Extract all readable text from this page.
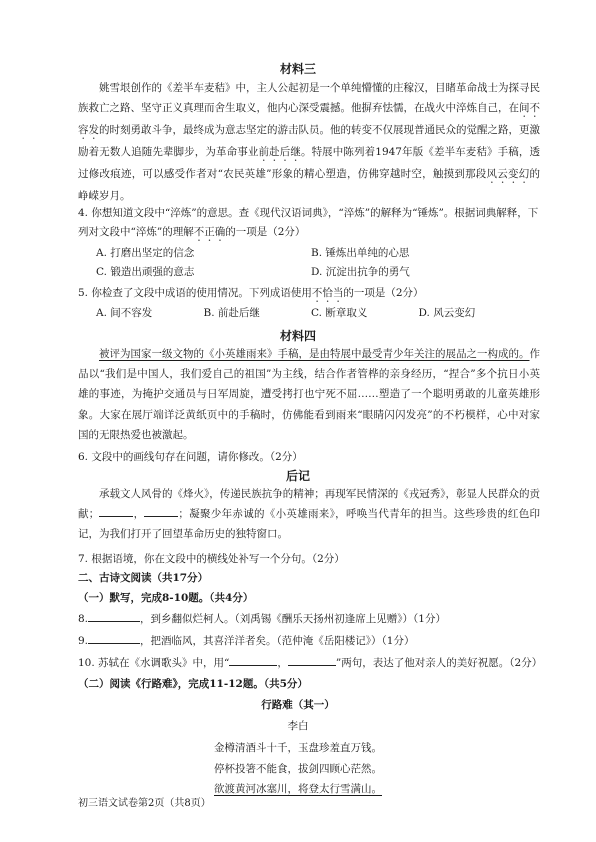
材料三

姚雪垠创作的《差半车麦秸》中，主人公起初是一个单纯懵懂的庄稼汉，目睹革命战士为探寻民族救亡之路、坚守正义真理而舍生取义，他内心深受震撼。他摒弃怯懦，在战火中淬炼自己，在间不容发的时刻勇敢斗争，最终成为意志坚定的游击队员。他的转变不仅展现普通民众的觉醒之路，更激励着无数人追随先辈脚步，为革命事业前赴后继。特展中陈列着1947年版《差半车麦秸》手稿，透过修改痕迹，可以感受作者对“农民英雄”形象的精心塑造，仿佛穿越时空，触摸到那段风云变幻的峥嵘岁月。

4. 你想知道文段中“淬炼”的意思。查《现代汉语词典》，“淬炼”的解释为“锤炼”。根据词典解释，下列对文段中“淬炼”的理解不正确的一项是（2分）

A. 打磨出坚定的信念	B. 锤炼出单纯的心思
C. 锻造出顽强的意志	D. 沉淀出抗争的勇气

5. 你检查了文段中成语的使用情况。下列成语使用不恰当的一项是（2分）

A. 间不容发	B. 前赴后继	C. 断章取义	D. 风云变幻
材料四

被评为国家一级文物的《小英雄雨来》手稿，是由特展中最受青少年关注的展品之一构成的。作品以“我们是中国人，我们爱自己的祖国”为主线，结合作者管桦的亲身经历，“捏合”多个抗日小英雄的事迹，为掩护交通员与日军周旋，遭受拷打也宁死不屈……塑造了一个聪明勇敢的儿童英雄形象。大家在展厅端详泛黄纸页中的手稿时，仿佛能看到雨来“眼睛闪闪发亮”的不朽模样，心中对家国的无限热爱也被激起。

6. 文段中的画线句存在问题，请你修改。（2分）

后记

承载文人风骨的《烽火》，传递民族抗争的精神；再现军民情深的《戎冠秀》，彰显人民群众的贡献；	，	；凝聚少年赤诚的《小英雄雨来》，呼唤当代青年的担当。这些珍贵的红色印记，为我们打开了回望革命历史的独特窗口。

7. 根据语境，你在文段中的横线处补写一个分句。（2分）

二、古诗文阅读（共17分）
（一）默写，完成8-10题。（共4分）

8.	，到乡翻似烂柯人。（刘禹锡《酬乐天扬州初逢席上见赠》）（1分）

9.	，把酒临风，其喜洋洋者矣。（范仲淹《岳阳楼记》）（1分）

10. 苏轼在《水调歌头》中，用“	，	”两句，表达了他对亲人的美好祝愿。（2分）

（二）阅读《行路难》，完成11-12题。（共5分）
行路难（其一）
李白
金樽清酒斗十千，玉盘珍羞直万钱。
停杯投箸不能食，拔剑四顾心茫然。
欲渡黄河冰塞川，将登太行雪满山。
初三语文试卷第2页（共8页）
